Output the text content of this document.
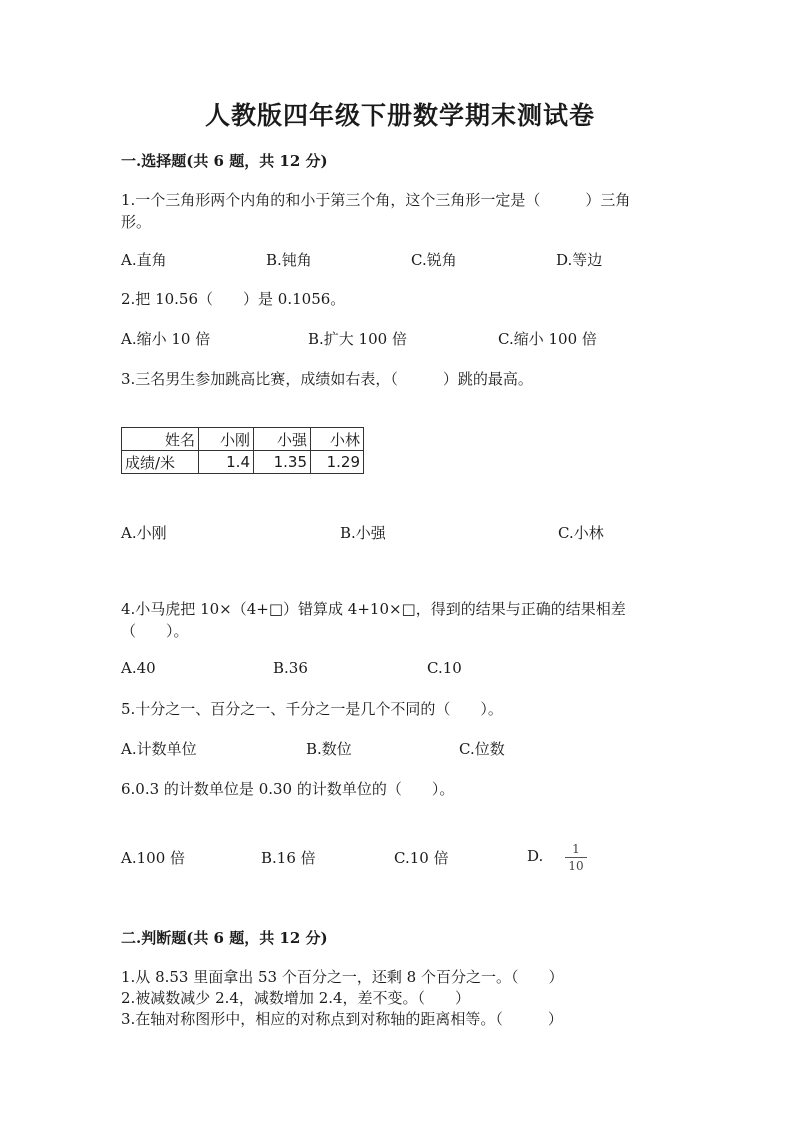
人教版四年级下册数学期末测试卷
一.选择题(共 6 题，共 12 分)
1.一个三角形两个内角的和小于第三个角，这个三角形一定是（　　　）三角
形。
A.直角	B.钝角	C.锐角	D.等边
2.把 10.56（　　）是 0.1056。
A.缩小 10 倍	B.扩大 100 倍	C.缩小 100 倍
3.三名男生参加跳高比赛，成绩如右表，（　　　）跳的最高。
姓名	小刚	小强	小林
成绩/米	1.4	1.35	1.29
A.小刚	B.小强	C.小林
4.小马虎把 10×（4+□）错算成 4+10×□，得到的结果与正确的结果相差
（　　）。
A.40	B.36	C.10
5.十分之一、百分之一、千分之一是几个不同的（　　）。
A.计数单位	B.数位	C.位数
6.0.3 的计数单位是 0.30 的计数单位的（　　）。
A.100 倍	B.16 倍	C.10 倍	D.	1
10
二.判断题(共 6 题，共 12 分)
1.从 8.53 里面拿出 53 个百分之一，还剩 8 个百分之一。（　　）
2.被减数减少 2.4，减数增加 2.4，差不变。（　　）
3.在轴对称图形中，相应的对称点到对称轴的距离相等。（　　　）
